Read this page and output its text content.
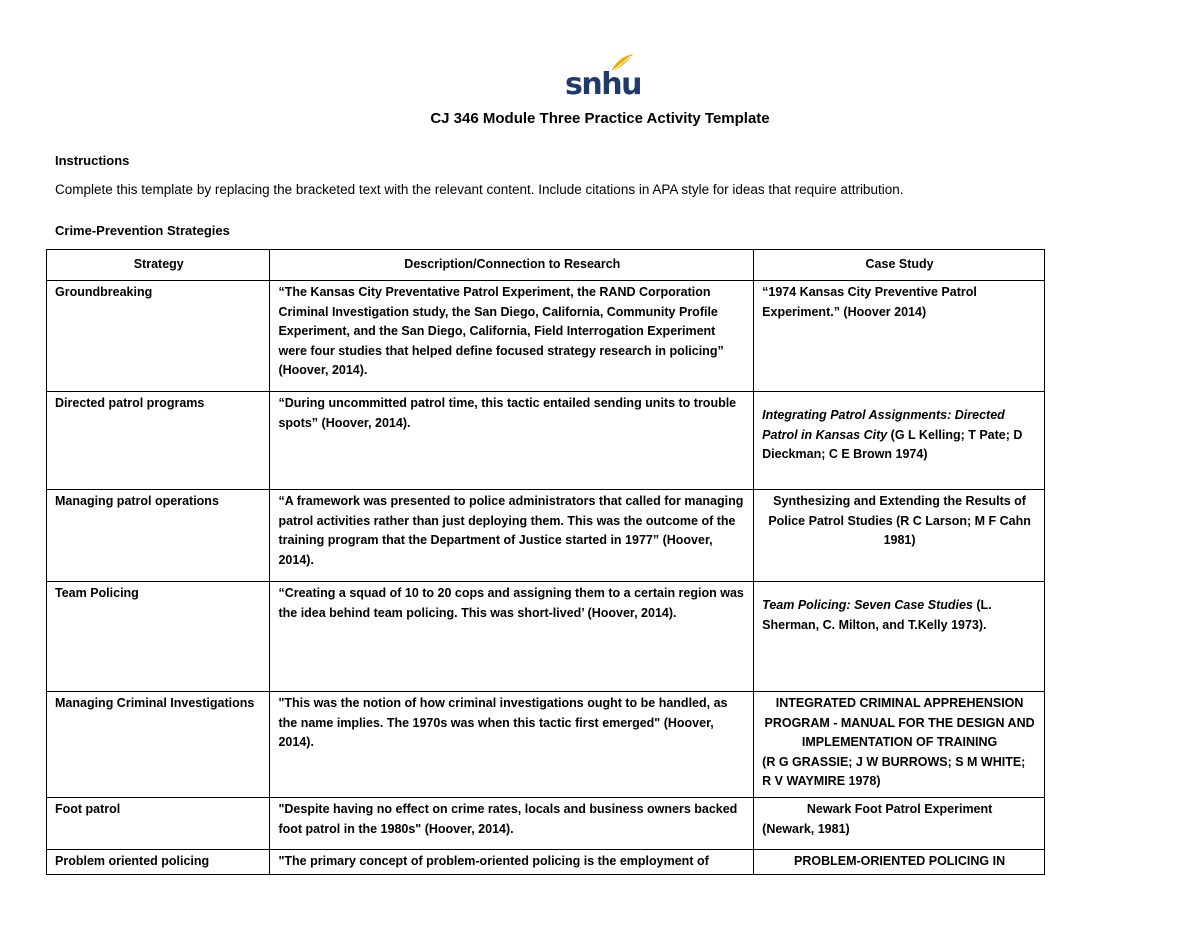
snhu
CJ 346 Module Three Practice Activity Template
Instructions
Complete this template by replacing the bracketed text with the relevant content. Include citations in APA style for ideas that require attribution.
Crime-Prevention Strategies
Strategy	Description/Connection to Research	Case Study
Groundbreaking	“The Kansas City Preventative Patrol Experiment, the RAND Corporation Criminal Investigation study, the San Diego, California, Community Profile Experiment, and the San Diego, California, Field Interrogation Experiment were four studies that helped define focused strategy research in policing” (Hoover, 2014).	“1974 Kansas City Preventive Patrol Experiment.” (Hoover 2014)
Directed patrol programs	“During uncommitted patrol time, this tactic entailed sending units to trouble spots” (Hoover, 2014).	Integrating Patrol Assignments: Directed Patrol in Kansas City (G L Kelling; T Pate; D Dieckman; C E Brown 1974)
Managing patrol operations	“A framework was presented to police administrators that called for managing patrol activities rather than just deploying them. This was the outcome of the training program that the Department of Justice started in 1977” (Hoover, 2014).	Synthesizing and Extending the Results of Police Patrol Studies (R C Larson; M F Cahn 1981)
Team Policing	“Creating a squad of 10 to 20 cops and assigning them to a certain region was the idea behind team policing. This was short-lived’ (Hoover, 2014).	Team Policing: Seven Case Studies (L. Sherman, C. Milton, and T.Kelly 1973).
Managing Criminal Investigations	"This was the notion of how criminal investigations ought to be handled, as the name implies. The 1970s was when this tactic first emerged" (Hoover, 2014).	INTEGRATED CRIMINAL APPREHENSION PROGRAM - MANUAL FOR THE DESIGN AND IMPLEMENTATION OF TRAINING
(R G GRASSIE; J W BURROWS; S M WHITE; R V WAYMIRE 1978)

Foot patrol	"Despite having no effect on crime rates, locals and business owners backed foot patrol in the 1980s" (Hoover, 2014).	Newark Foot Patrol Experiment
(Newark, 1981)

Problem oriented policing	"The primary concept of problem-oriented policing is the employment of	PROBLEM-ORIENTED POLICING IN
